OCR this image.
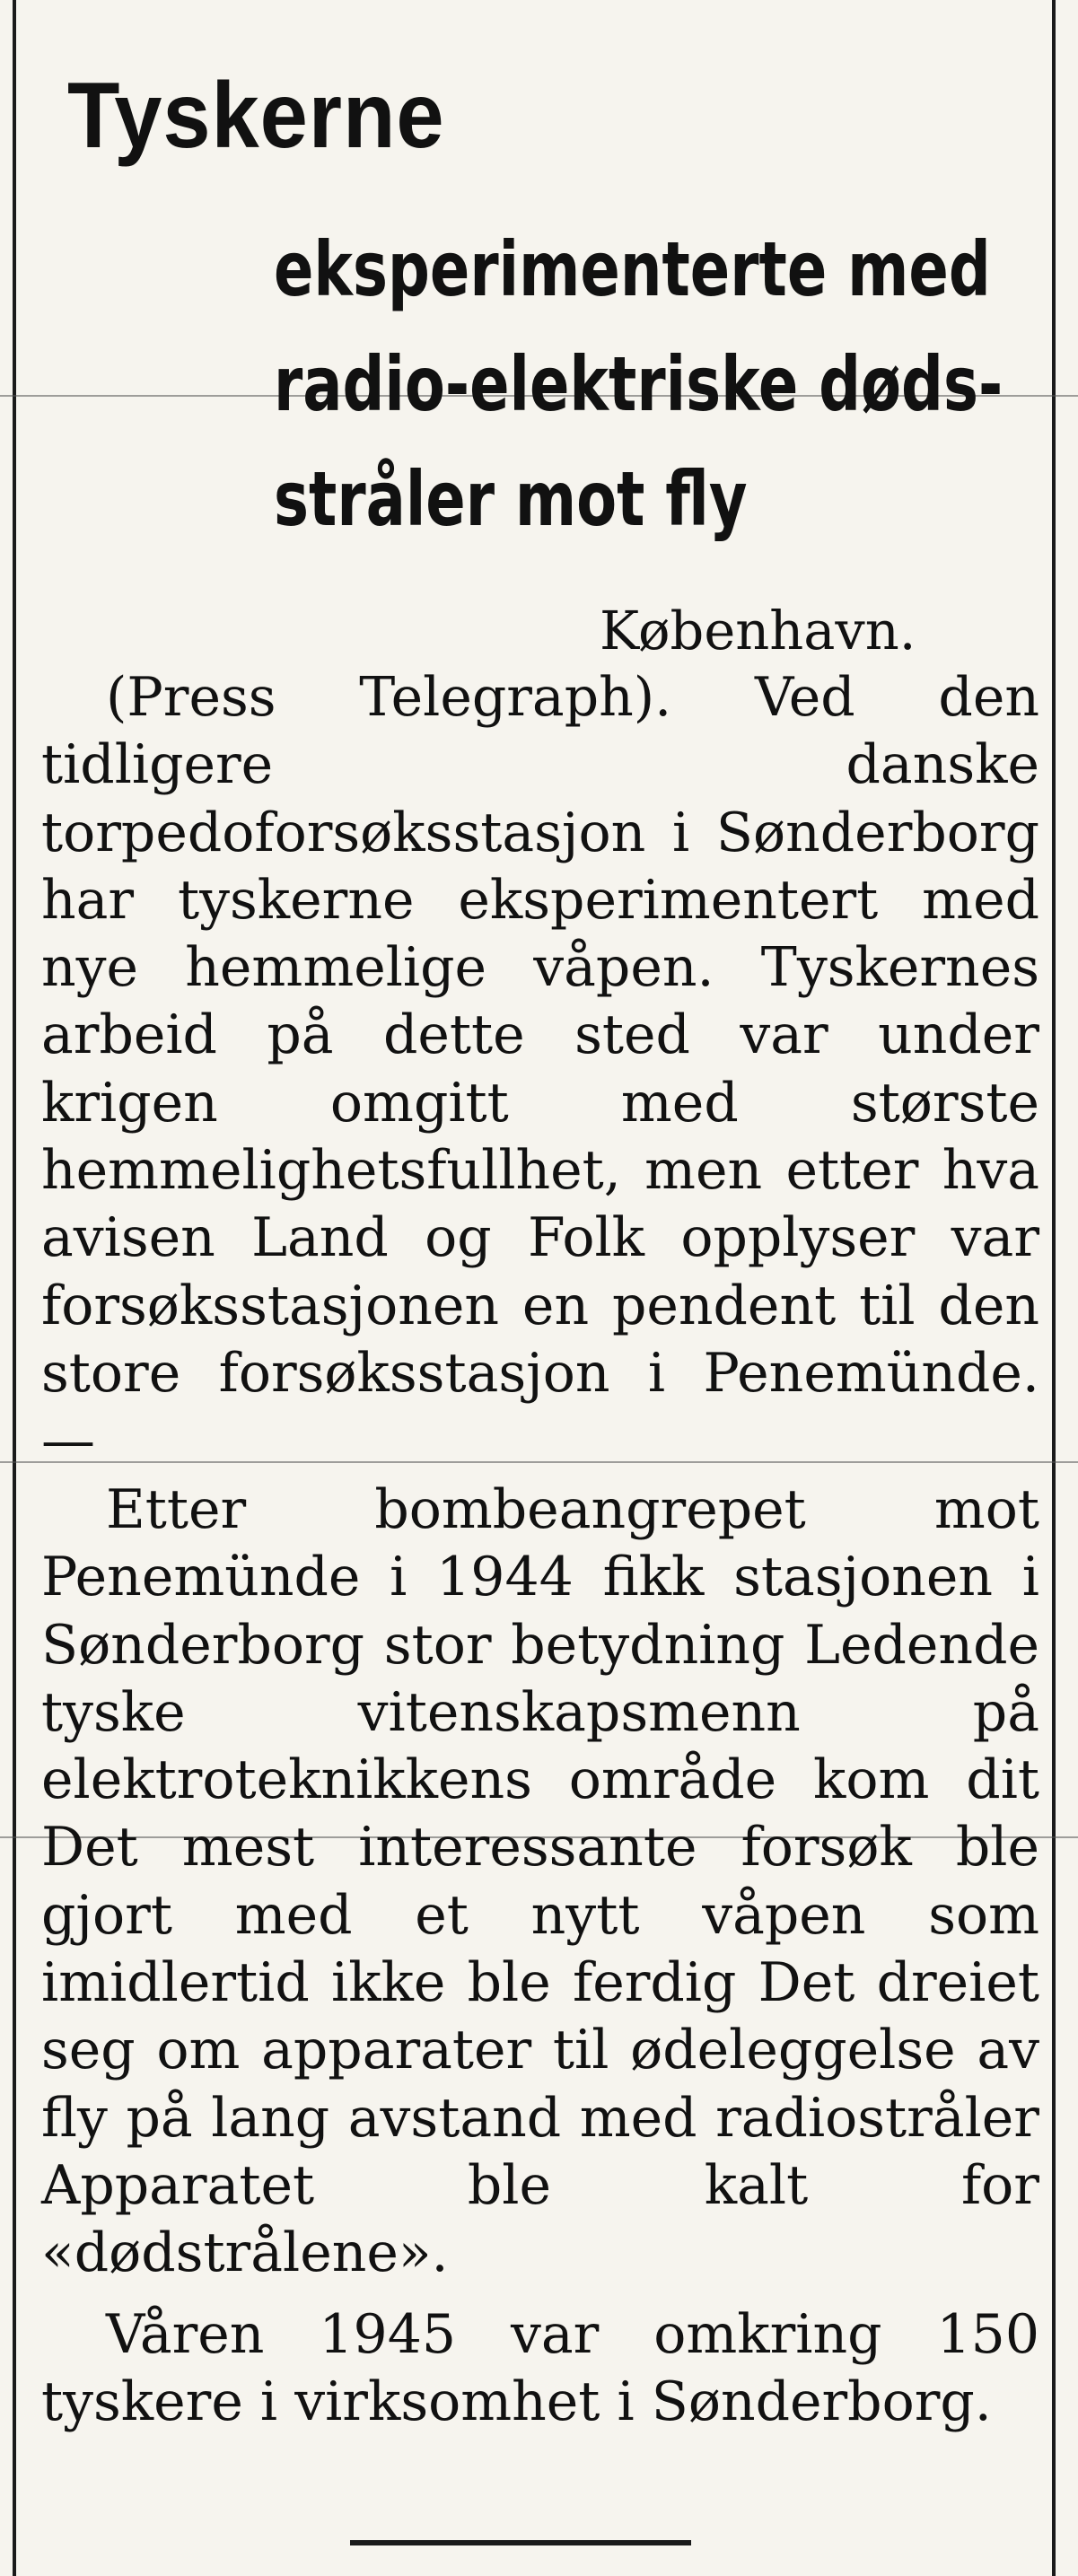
Tyskerne

eksperimenterte med

radio-elektriske døds-

stråler mot fly

København.

(Press Telegraph). Ved den tidligere danske torpedoforsøksstasjon i Sønderborg har tyskerne eksperimentert med nye hemmelige våpen. Tyskernes arbeid på dette sted var under krigen omgitt med største hemmelighetsfullhet, men etter hva avisen Land og Folk opplyser var forsøksstasjonen en pendent til den store forsøksstasjon i Penemünde. —

Etter bombeangrepet mot Penemünde i 1944 fikk stasjonen i Sønderborg stor betydning Ledende tyske vitenskapsmenn på elektroteknikkens område kom dit Det mest interessante forsøk ble gjort med et nytt våpen som imidlertid ikke ble ferdig Det dreiet seg om apparater til ødeleggelse av fly på lang avstand med radiostråler Apparatet ble kalt for «dødstrålene».

Våren 1945 var omkring 150 tyskere i virksomhet i Sønderborg.
